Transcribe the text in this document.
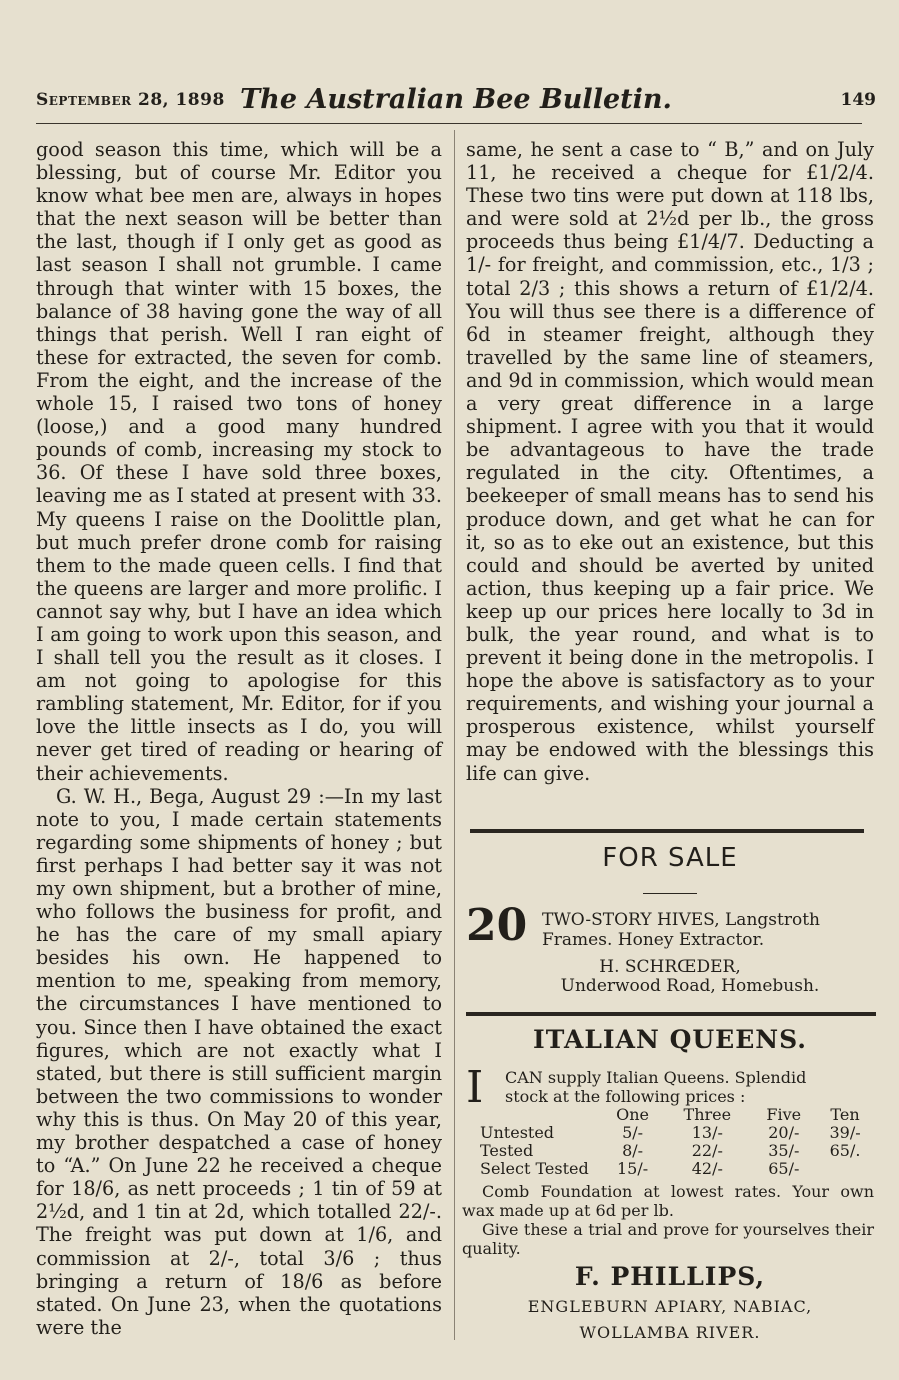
September 28, 1898 The Australian Bee Bulletin.	149

good season this time, which will be a blessing, but of course Mr. Editor you know what bee men are, always in hopes that the next season will be better than the last, though if I only get as good as last season I shall not grumble. I came through that winter with 15 boxes, the balance of 38 having gone the way of all things that perish. Well I ran eight of these for extracted, the seven for comb. From the eight, and the increase of the whole 15, I raised two tons of honey (loose,) and a good many hundred pounds of comb, increasing my stock to 36. Of these I have sold three boxes, leaving me as I stated at present with 33. My queens I raise on the Doolittle plan, but much prefer drone comb for raising them to the made queen cells. I find that the queens are larger and more prolific. I cannot say why, but I have an idea which I am going to work upon this season, and I shall tell you the result as it closes. I am not going to apologise for this rambling statement, Mr. Editor, for if you love the little insects as I do, you will never get tired of reading or hearing of their achievements.

G. W. H., Bega, August 29 :—In my last note to you, I made certain statements regarding some shipments of honey ; but first perhaps I had better say it was not my own shipment, but a brother of mine, who follows the business for profit, and he has the care of my small apiary besides his own. He happened to mention to me, speaking from memory, the circumstances I have mentioned to you. Since then I have obtained the exact figures, which are not exactly what I stated, but there is still sufficient margin between the two commissions to wonder why this is thus. On May 20 of this year, my brother despatched a case of honey to “A.” On June 22 he received a cheque for 18/6, as nett proceeds ; 1 tin of 59 at 2½d, and 1 tin at 2d, which totalled 22/-. The freight was put down at 1/6, and commission at 2/-, total 3/6 ; thus bringing a return of 18/6 as before stated. On June 23, when the quotations were the

same, he sent a case to “ B,” and on July 11, he received a cheque for £1/2/4. These two tins were put down at 118 lbs, and were sold at 2½d per lb., the gross proceeds thus being £1/4/7. Deducting a 1/- for freight, and commission, etc., 1/3 ; total 2/3 ; this shows a return of £1/2/4. You will thus see there is a difference of 6d in steamer freight, although they travelled by the same line of steamers, and 9d in commission, which would mean a very great difference in a large shipment. I agree with you that it would be advantageous to have the trade regulated in the city. Oftentimes, a beekeeper of small means has to send his produce down, and get what he can for it, so as to eke out an existence, but this could and should be averted by united action, thus keeping up a fair price. We keep up our prices here locally to 3d in bulk, the year round, and what is to prevent it being done in the metropolis. I hope the above is satisfactory as to your requirements, and wishing your journal a prosperous existence, whilst yourself may be endowed with the blessings this life can give.

FOR SALE
20 TWO-STORY HIVES, Langstroth
Frames. Honey Extractor.
H. SCHRŒDER,
Underwood Road, Homebush.
ITALIAN QUEENS.
I CAN supply Italian Queens. Splendid
stock at the following prices :
	One	Three	Five	Ten
Untested	5/-	13/-	20/-	39/-
Tested	8/-	22/-	35/-	65/.
Select Tested	15/-	42/-	65/-	
Comb Foundation at lowest rates. Your own wax made up at 6d per lb.
Give these a trial and prove for yourselves their quality.
F. PHILLIPS,
ENGLEBURN APIARY, NABIAC,
WOLLAMBA RIVER.
